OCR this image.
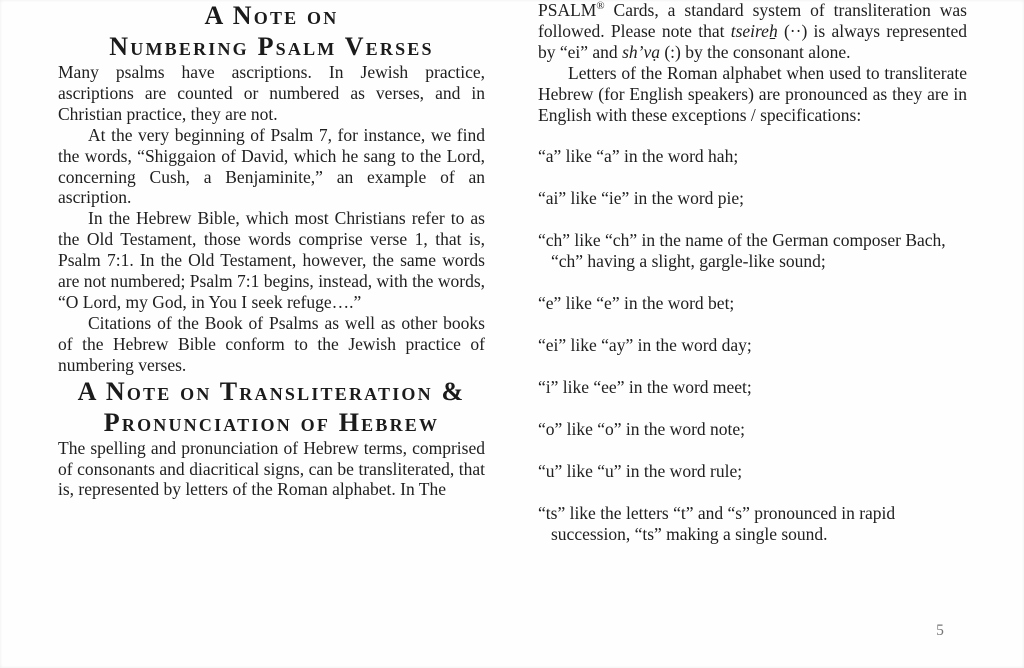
A Note on
Numbering Psalm Verses

Many psalms have ascriptions. In Jewish practice, ascriptions are counted or numbered as verses, and in Christian practice, they are not.

At the very beginning of Psalm 7, for instance, we find the words, “Shiggaion of David, which he sang to the Lord, concerning Cush, a Benjaminite,” an example of an ascription.

In the Hebrew Bible, which most Christians refer to as the Old Testament, those words comprise verse 1, that is, Psalm 7:1. In the Old Testament, however, the same words are not numbered; Psalm 7:1 begins, instead, with the words, “O Lord, my God, in You I seek refuge….”

Citations of the Book of Psalms as well as other books of the Hebrew Bible conform to the Jewish practice of numbering verses.

A Note on Transliteration &
Pronunciation of Hebrew

The spelling and pronunciation of Hebrew terms, comprised of consonants and diacritical signs, can be transliterated, that is, represented by letters of the Roman alphabet. In The

PSALM® Cards, a standard system of transliteration was followed. Please note that tseireẖ (··) is always represented by “ei” and sh’vạ (:) by the consonant alone.

Letters of the Roman alphabet when used to transliterate Hebrew (for English speakers) are pronounced as they are in English with these exceptions / specifications:

“a” like “a” in the word hah;

“ai” like “ie” in the word pie;

“ch” like “ch” in the name of the German composer Bach, “ch” having a slight, gargle-like sound;

“e” like “e” in the word bet;

“ei” like “ay” in the word day;

“i” like “ee” in the word meet;

“o” like “o” in the word note;

“u” like “u” in the word rule;

“ts” like the letters “t” and “s” pronounced in rapid succession, “ts” making a single sound.

5
